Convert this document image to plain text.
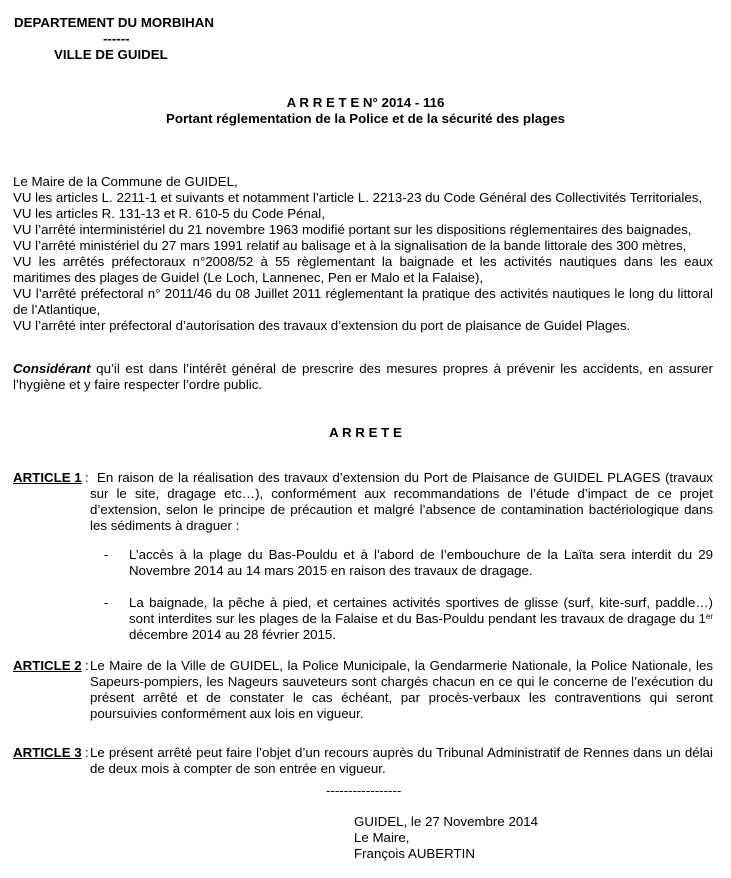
DEPARTEMENT DU MORBIHAN
------
VILLE DE GUIDEL
A R R E T E N° 2014 - 116
Portant réglementation de la Police et de la sécurité des plages
Le Maire de la Commune de GUIDEL,
VU les articles L. 2211-1 et suivants et notamment l’article L. 2213-23 du Code Général des Collectivités Territoriales,
VU les articles R. 131-13 et R. 610-5 du Code Pénal,
VU l’arrêté interministériel du 21 novembre 1963 modifié portant sur les dispositions réglementaires des baignades,
VU l’arrêté ministériel du 27 mars 1991 relatif au balisage et à la signalisation de la bande littorale des 300 mètres,
VU les arrêtés préfectoraux n°2008/52 à 55 règlementant la baignade et les activités nautiques dans les eaux maritimes des plages de Guidel (Le Loch, Lannenec, Pen er Malo et la Falaise),
VU l’arrêté préfectoral n° 2011/46 du 08 Juillet 2011 réglementant la pratique des activités nautiques le long du littoral de l’Atlantique,
VU l’arrêté inter préfectoral d’autorisation des travaux d’extension du port de plaisance de Guidel Plages.
Considérant qu’il est dans l’intérêt général de prescrire des mesures propres à prévenir les accidents, en assurer l’hygiène et y faire respecter l’ordre public.
A R R E T E
ARTICLE 1 : En raison de la réalisation des travaux d’extension du Port de Plaisance de GUIDEL PLAGES (travaux sur le site, dragage etc…), conformément aux recommandations de l’étude d’impact de ce projet d’extension, selon le principe de précaution et malgré l’absence de contamination bactériologique dans les sédiments à draguer :
- L’accès à la plage du Bas-Pouldu et à l’abord de l’embouchure de la Laïta sera interdit du 29 Novembre 2014 au 14 mars 2015 en raison des travaux de dragage.
- La baignade, la pêche à pied, et certaines activités sportives de glisse (surf, kite-surf, paddle…) sont interdites sur les plages de la Falaise et du Bas-Pouldu pendant les travaux de dragage du 1er décembre 2014 au 28 février 2015.
ARTICLE 2 : Le Maire de la Ville de GUIDEL, la Police Municipale, la Gendarmerie Nationale, la Police Nationale, les Sapeurs-pompiers, les Nageurs sauveteurs sont chargés chacun en ce qui le concerne de l’exécution du présent arrêté et de constater le cas échéant, par procès-verbaux les contraventions qui seront poursuivies conformément aux lois en vigueur.
ARTICLE 3 : Le présent arrêté peut faire l’objet d’un recours auprès du Tribunal Administratif de Rennes dans un délai de deux mois à compter de son entrée en vigueur.
-----------------
GUIDEL, le 27 Novembre 2014
Le Maire,
François AUBERTIN
